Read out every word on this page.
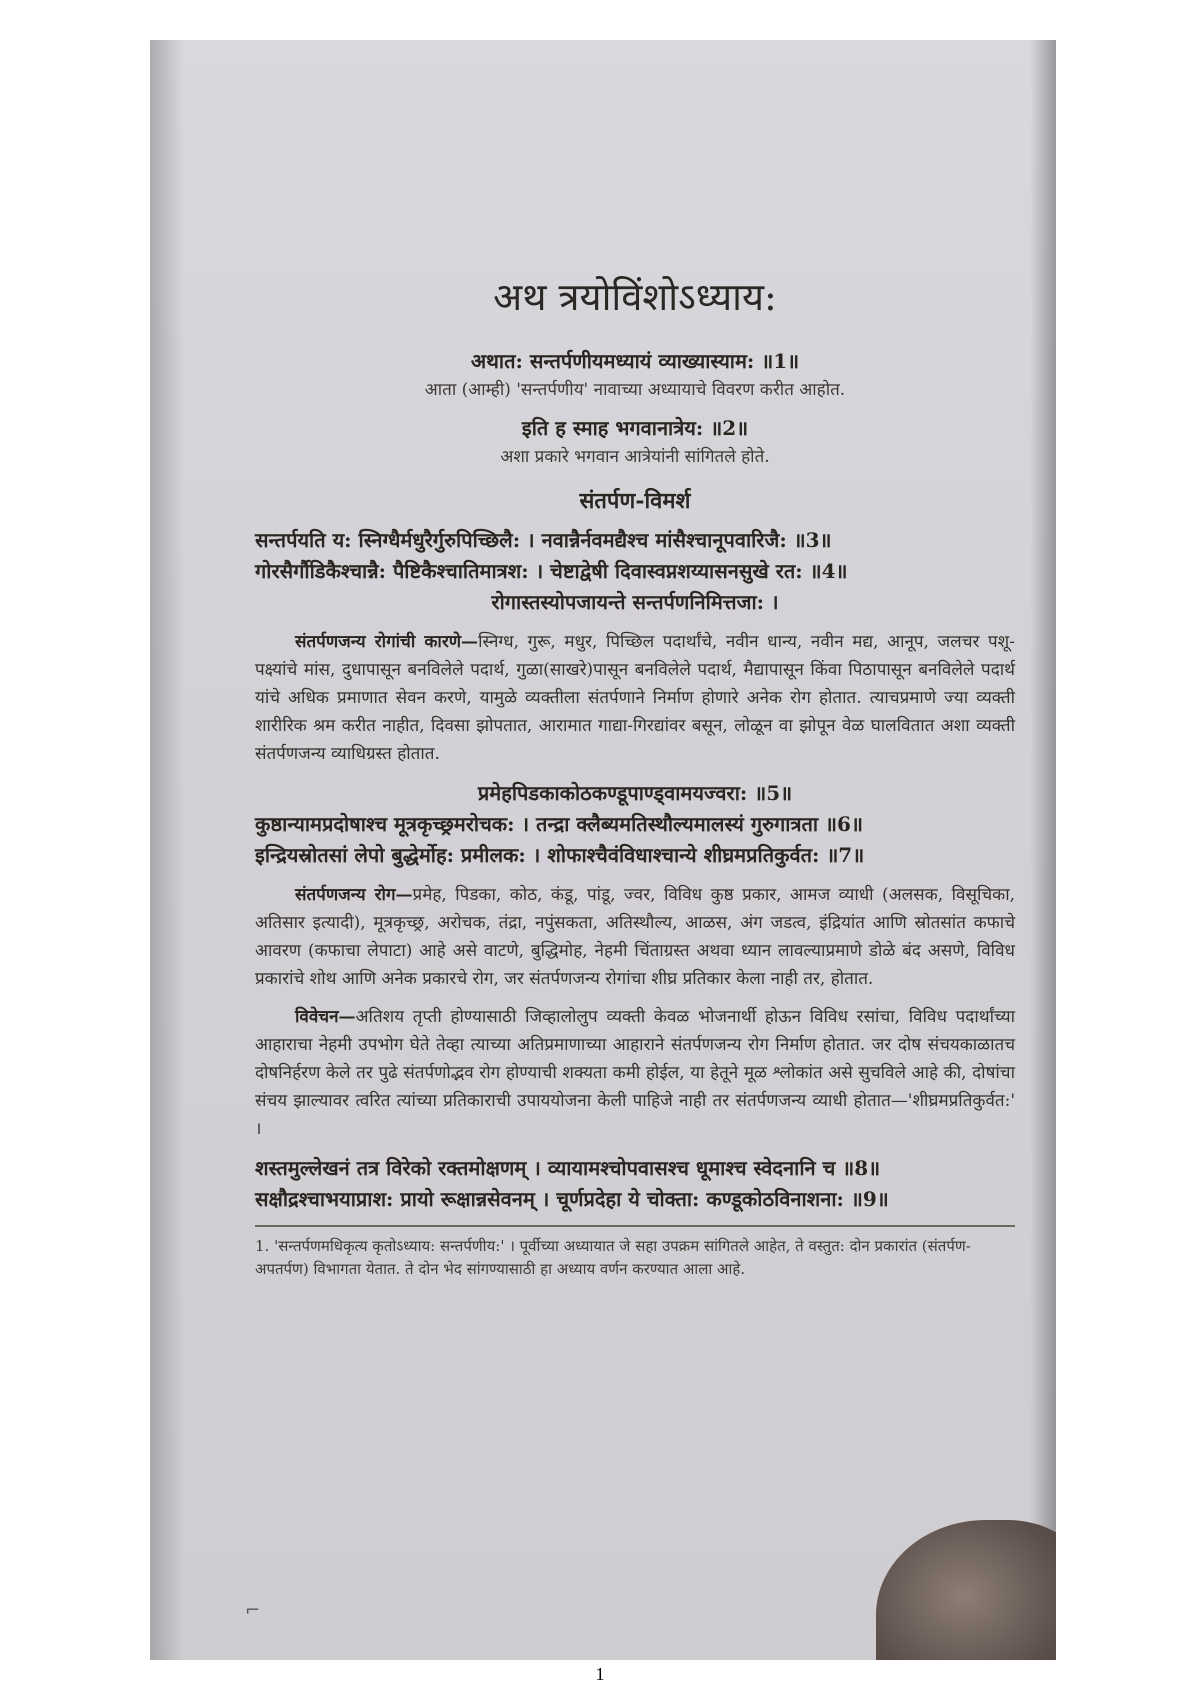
अथ त्रयोविंशोऽध्याय:
अथात: सन्तर्पणीयमध्यायं व्याख्यास्याम: ॥1॥
आता (आम्ही) 'सन्तर्पणीय' नावाच्या अध्यायाचे विवरण करीत आहोत.
इति ह स्माह भगवानात्रेय: ॥2॥
अशा प्रकारे भगवान आत्रेयांनी सांगितले होते.
संतर्पण-विमर्श
सन्तर्पयति य: स्निग्धैर्मधुरैर्गुरुपिच्छिलै: । नवान्नैर्नवमद्यैश्च मांसैश्चानूपवारिजै: ॥3॥
गोरसैर्गौडिकैश्चान्नै: पैष्टिकैश्चातिमात्रश: । चेष्टाद्वेषी दिवास्वप्नशय्यासनसुखे रत: ॥4॥
रोगास्तस्योपजायन्ते सन्तर्पणनिमित्तजा: ।
संतर्पणजन्य रोगांची कारणे—स्निग्ध, गुरू, मधुर, पिच्छिल पदार्थांचे, नवीन धान्य, नवीन मद्य, आनूप, जलचर पशू-पक्ष्यांचे मांस, दुधापासून बनविलेले पदार्थ, गुळा(साखरे)पासून बनविलेले पदार्थ, मैद्यापासून किंवा पिठापासून बनविलेले पदार्थ यांचे अधिक प्रमाणात सेवन करणे, यामुळे व्यक्तीला संतर्पणाने निर्माण होणारे अनेक रोग होतात. त्याचप्रमाणे ज्या व्यक्ती शारीरिक श्रम करीत नाहीत, दिवसा झोपतात, आरामात गाद्या-गिरद्यांवर बसून, लोळून वा झोपून वेळ घालवितात अशा व्यक्ती संतर्पणजन्य व्याधिग्रस्त होतात.
प्रमेहपिडकाकोठकण्डूपाण्ड्वामयज्वरा: ॥5॥
कुष्ठान्यामप्रदोषाश्च मूत्रकृच्छ्रमरोचक: । तन्द्रा क्लैब्यमतिस्थौल्यमालस्यं गुरुगात्रता ॥6॥
इन्द्रियस्रोतसां लेपो बुद्धेर्मोह: प्रमीलक: । शोफाश्चैवंविधाश्चान्ये शीघ्रमप्रतिकुर्वत: ॥7॥
संतर्पणजन्य रोग—प्रमेह, पिडका, कोठ, कंडू, पांडू, ज्वर, विविध कुष्ठ प्रकार, आमज व्याधी (अलसक, विसूचिका, अतिसार इत्यादी), मूत्रकृच्छ्र, अरोचक, तंद्रा, नपुंसकता, अतिस्थौल्य, आळस, अंग जडत्व, इंद्रियांत आणि स्रोतसांत कफाचे आवरण (कफाचा लेपाटा) आहे असे वाटणे, बुद्धिमोह, नेहमी चिंताग्रस्त अथवा ध्यान लावल्याप्रमाणे डोळे बंद असणे, विविध प्रकारांचे शोथ आणि अनेक प्रकारचे रोग, जर संतर्पणजन्य रोगांचा शीघ्र प्रतिकार केला नाही तर, होतात.
विवेचन—अतिशय तृप्ती होण्यासाठी जिव्हालोलुप व्यक्ती केवळ भोजनार्थी होऊन विविध रसांचा, विविध पदार्थांच्या आहाराचा नेहमी उपभोग घेते तेव्हा त्याच्या अतिप्रमाणाच्या आहाराने संतर्पणजन्य रोग निर्माण होतात. जर दोष संचयकाळातच दोषनिर्हरण केले तर पुढे संतर्पणोद्भव रोग होण्याची शक्यता कमी होईल, या हेतूने मूळ श्लोकांत असे सुचविले आहे की, दोषांचा संचय झाल्यावर त्वरित त्यांच्या प्रतिकाराची उपाययोजना केली पाहिजे नाही तर संतर्पणजन्य व्याधी होतात—'शीघ्रमप्रतिकुर्वत:' ।
शस्तमुल्लेखनं तत्र विरेको रक्तमोक्षणम् । व्यायामश्चोपवासश्च धूमाश्च स्वेदनानि च ॥8॥
सक्षौद्रश्चाभयाप्राश: प्रायो रूक्षान्नसेवनम् । चूर्णप्रदेहा ये चोक्ता: कण्डूकोठविनाशना: ॥9॥
1. 'सन्तर्पणमधिकृत्य कृतोऽध्याय: सन्तर्पणीय:' । पूर्वीच्या अध्यायात जे सहा उपक्रम सांगितले आहेत, ते वस्तुत: दोन प्रकारांत (संतर्पण-अपतर्पण) विभागता येतात. ते दोन भेद सांगण्यासाठी हा अध्याय वर्णन करण्यात आला आहे.
⌐
1
